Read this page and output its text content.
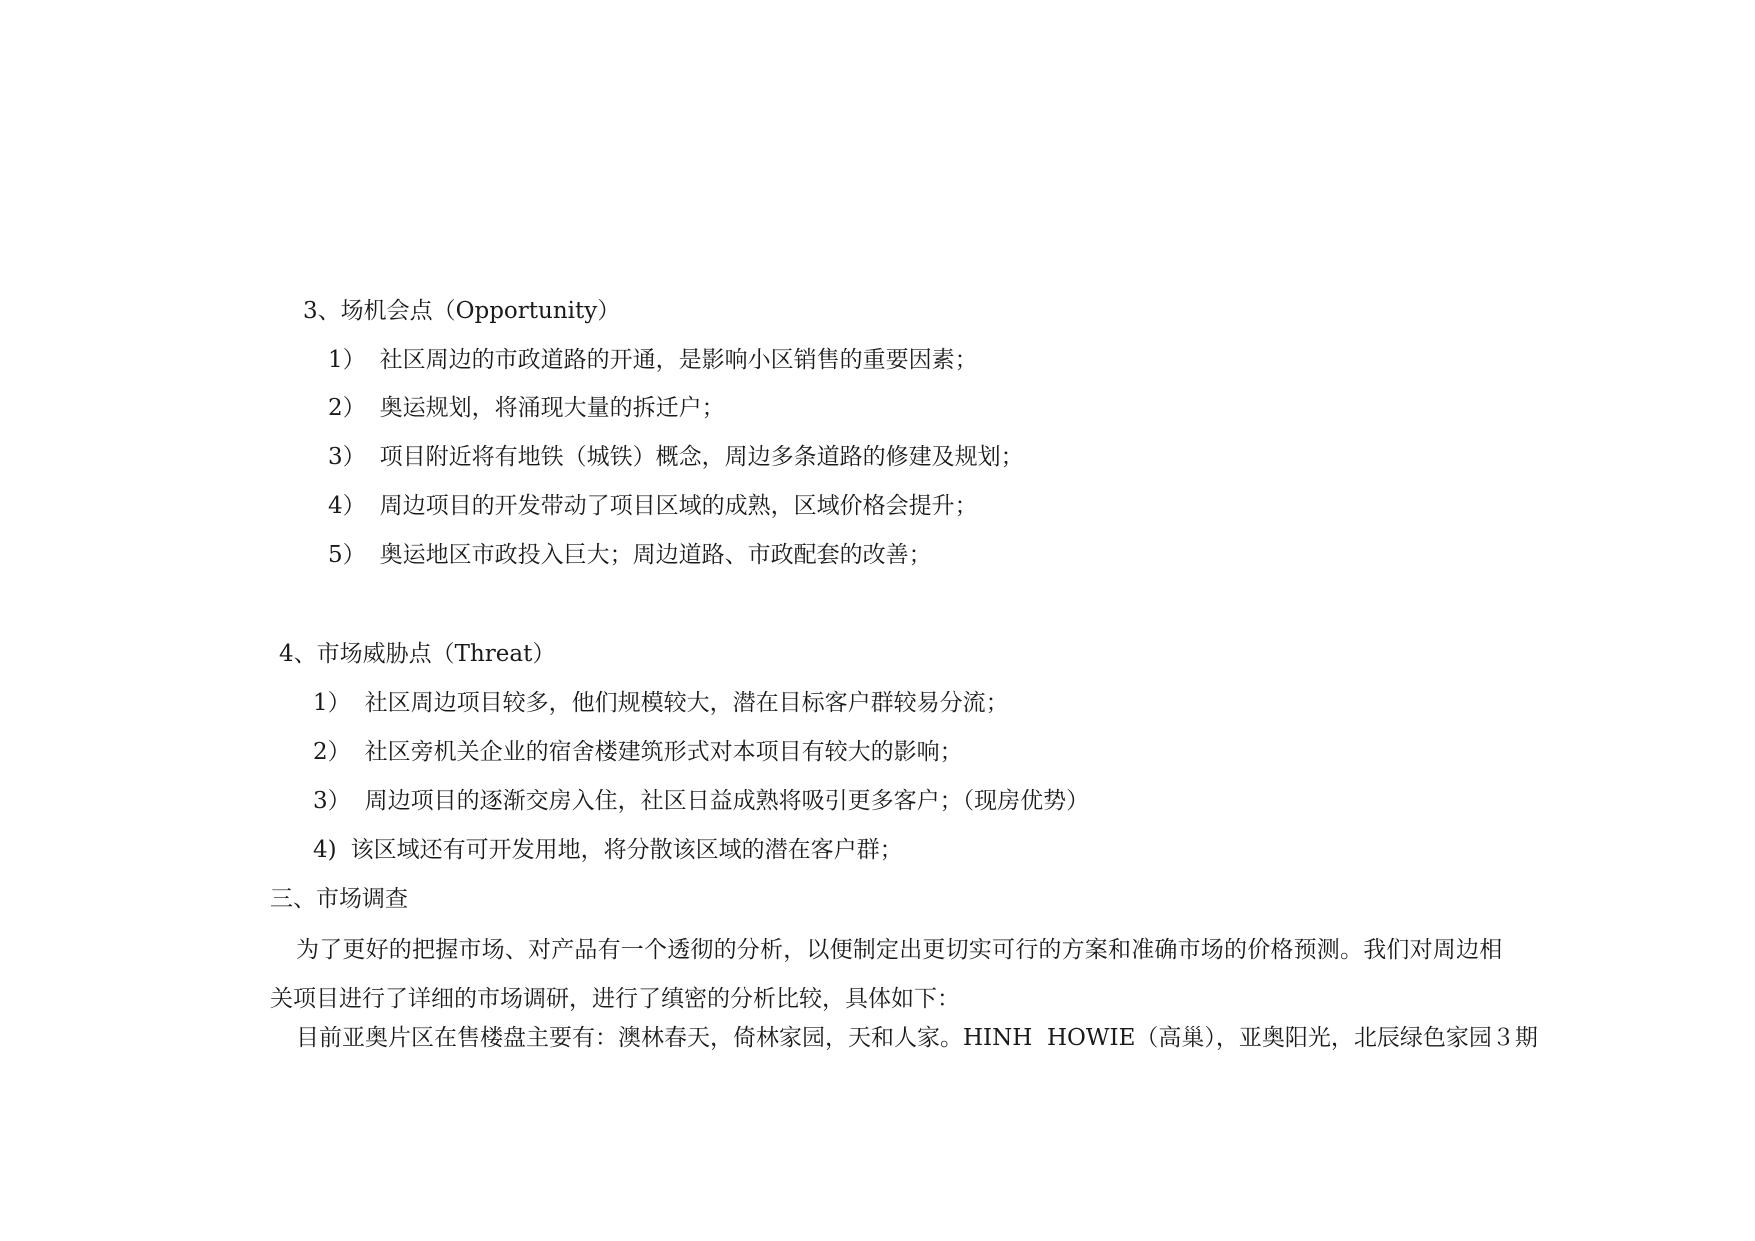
3、场机会点（Opportunity）
1） 社区周边的市政道路的开通，是影响小区销售的重要因素；
2） 奥运规划，将涌现大量的拆迁户；
3） 项目附近将有地铁（城铁）概念，周边多条道路的修建及规划；
4） 周边项目的开发带动了项目区域的成熟，区域价格会提升；
5） 奥运地区市政投入巨大；周边道路、市政配套的改善；
4、市场威胁点（Threat）
1） 社区周边项目较多，他们规模较大，潜在目标客户群较易分流；
2） 社区旁机关企业的宿舍楼建筑形式对本项目有较大的影响；
3） 周边项目的逐渐交房入住，社区日益成熟将吸引更多客户；（现房优势）
4) 该区域还有可开发用地，将分散该区域的潜在客户群；
三、市场调查
为了更好的把握市场、对产品有一个透彻的分析，以便制定出更切实可行的方案和准确市场的价格预测。我们对周边相
关项目进行了详细的市场调研，进行了缜密的分析比较，具体如下：
目前亚奥片区在售楼盘主要有：澳林春天，倚林家园，天和人家。HINH  HOWIE（高巢），亚奥阳光，北辰绿色家园３期
